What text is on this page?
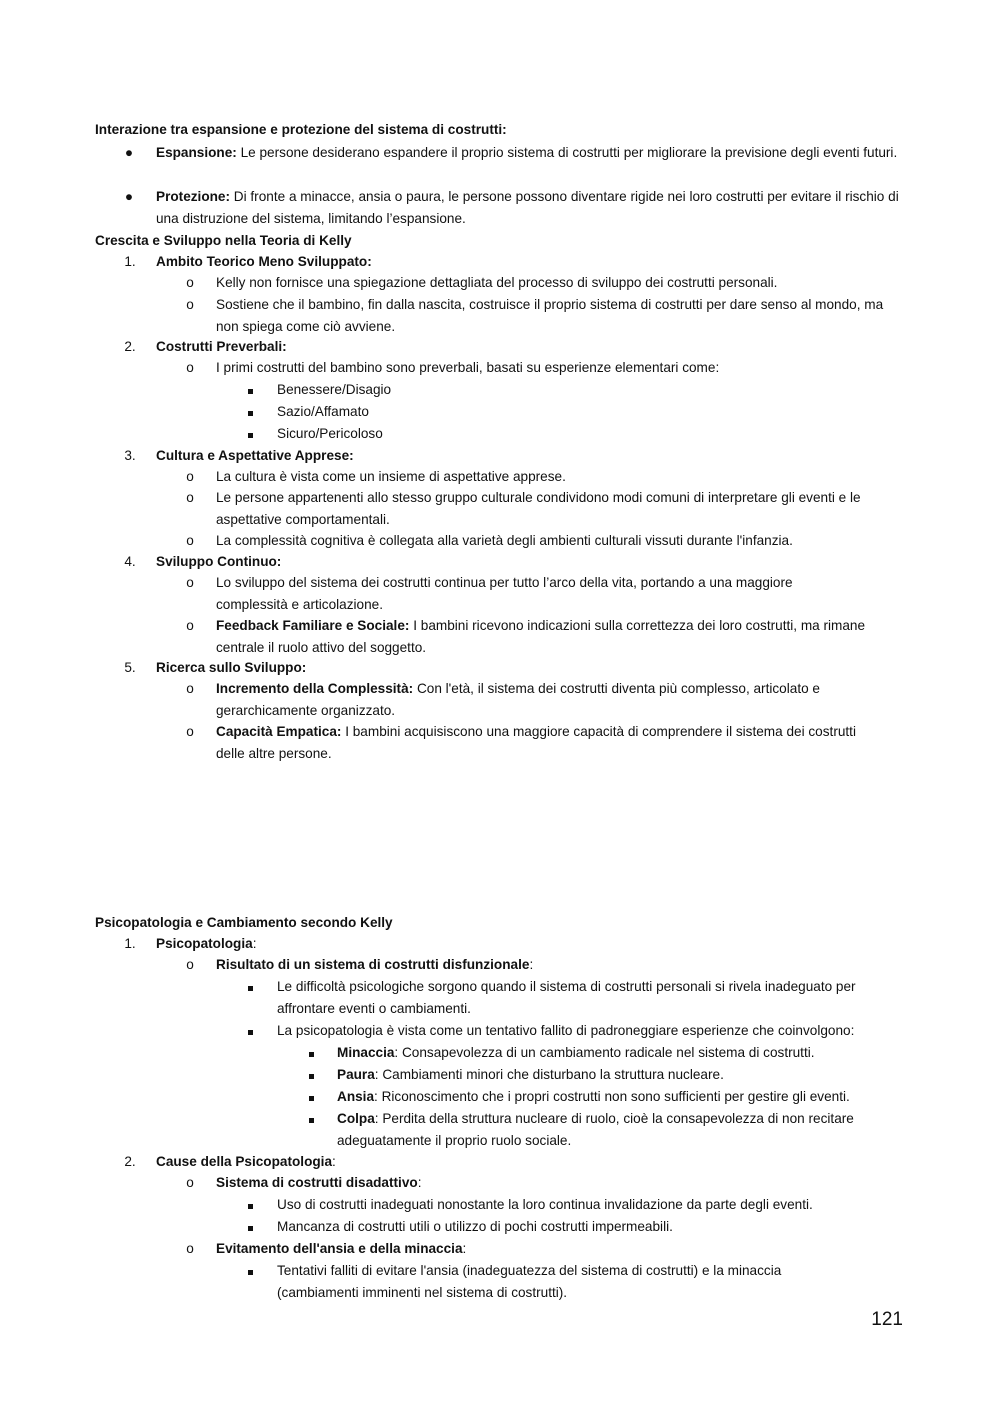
Interazione tra espansione e protezione del sistema di costrutti:
● Espansione: Le persone desiderano espandere il proprio sistema di costrutti per migliorare la previsione degli eventi futuri.
● Protezione: Di fronte a minacce, ansia o paura, le persone possono diventare rigide nei loro costrutti per evitare il rischio di una distruzione del sistema, limitando l’espansione.
Crescita e Sviluppo nella Teoria di Kelly
1.	Ambito Teorico Meno Sviluppato:
o Kelly non fornisce una spiegazione dettagliata del processo di sviluppo dei costrutti personali.
o Sostiene che il bambino, fin dalla nascita, costruisce il proprio sistema di costrutti per dare senso al mondo, ma non spiega come ciò avviene.
2.	Costrutti Preverbali:
o I primi costrutti del bambino sono preverbali, basati su esperienze elementari come:
Benessere/Disagio
Sazio/Affamato
Sicuro/Pericoloso
3.	Cultura e Aspettative Apprese:
o La cultura è vista come un insieme di aspettative apprese.
o Le persone appartenenti allo stesso gruppo culturale condividono modi comuni di interpretare gli eventi e le aspettative comportamentali.
o La complessità cognitiva è collegata alla varietà degli ambienti culturali vissuti durante l'infanzia.
4.	Sviluppo Continuo:
o Lo sviluppo del sistema dei costrutti continua per tutto l’arco della vita, portando a una maggiore complessità e articolazione.
o Feedback Familiare e Sociale: I bambini ricevono indicazioni sulla correttezza dei loro costrutti, ma rimane centrale il ruolo attivo del soggetto.
5.	Ricerca sullo Sviluppo:
o Incremento della Complessità: Con l'età, il sistema dei costrutti diventa più complesso, articolato e gerarchicamente organizzato.
o Capacità Empatica: I bambini acquisiscono una maggiore capacità di comprendere il sistema dei costrutti delle altre persone.
Psicopatologia e Cambiamento secondo Kelly
1.	Psicopatologia:
o Risultato di un sistema di costrutti disfunzionale:
Le difficoltà psicologiche sorgono quando il sistema di costrutti personali si rivela inadeguato per affrontare eventi o cambiamenti.
La psicopatologia è vista come un tentativo fallito di padroneggiare esperienze che coinvolgono:
Minaccia: Consapevolezza di un cambiamento radicale nel sistema di costrutti.
Paura: Cambiamenti minori che disturbano la struttura nucleare.
Ansia: Riconoscimento che i propri costrutti non sono sufficienti per gestire gli eventi.
Colpa: Perdita della struttura nucleare di ruolo, cioè la consapevolezza di non recitare adeguatamente il proprio ruolo sociale.
2.	Cause della Psicopatologia:
o Sistema di costrutti disadattivo:
Uso di costrutti inadeguati nonostante la loro continua invalidazione da parte degli eventi.
Mancanza di costrutti utili o utilizzo di pochi costrutti impermeabili.
o Evitamento dell'ansia e della minaccia:
Tentativi falliti di evitare l'ansia (inadeguatezza del sistema di costrutti) e la minaccia (cambiamenti imminenti nel sistema di costrutti).
121
